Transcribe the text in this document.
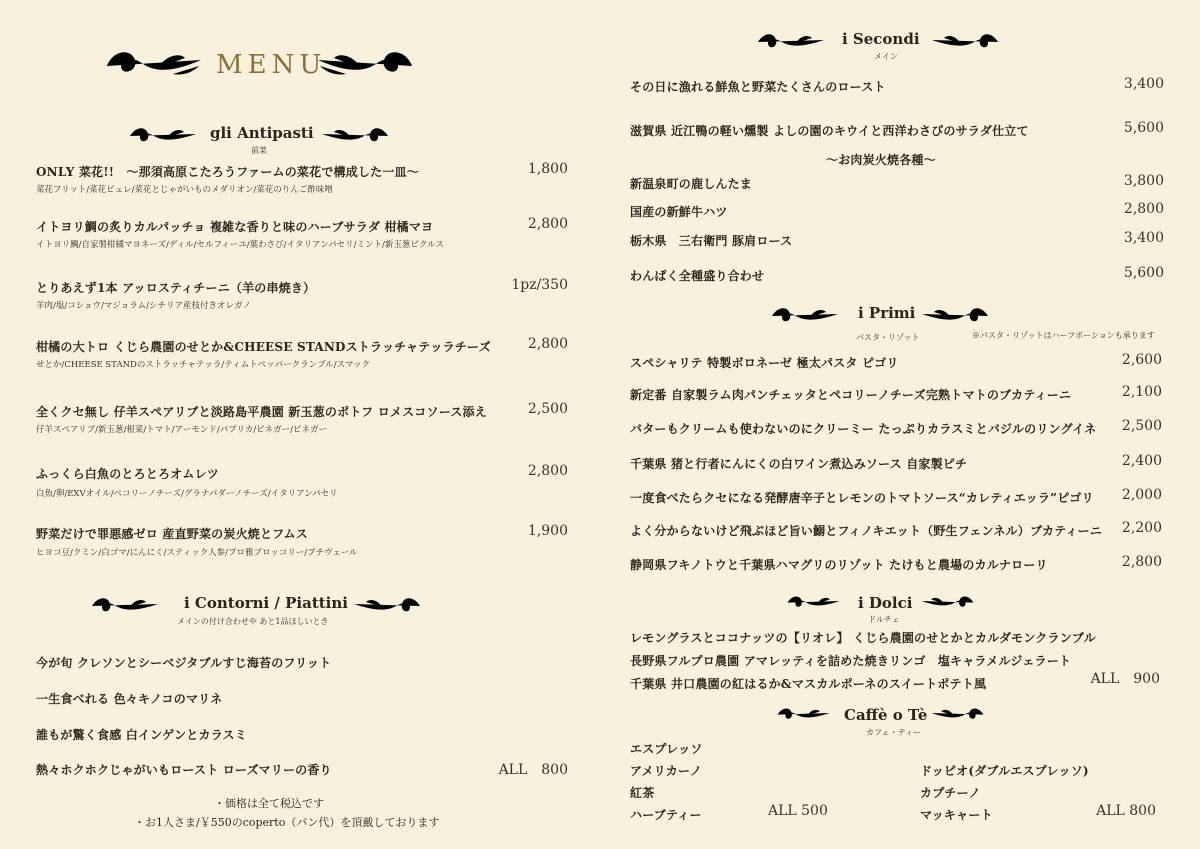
MENU
gli Antipasti
前菜
ONLY 菜花!!　〜那須高原こたろうファームの菜花で構成した一皿〜
菜花フリット/菜花ピュレ/菜花とじゃがいものメダリオン/菜花のりんご酢味噌
1,800
イトヨリ鯛の炙りカルパッチョ 複雑な香りと味のハーブサラダ 柑橘マヨ
イトヨリ鯛/自家製柑橘マヨネーズ/ディル/セルフィーユ/葉わさび/イタリアンパセリ/ミント/新玉葱ピクルス
2,800
とりあえず1本 アッロスティチーニ（羊の串焼き）
羊肉/塩/コショウ/マジョラム/シチリア産枝付きオレガノ
1pz/350
柑橘の大トロ くじら農園のせとか&CHEESE STANDストラッチャテッラチーズ
せとか/CHEESE STANDのストラッチャテッラ/ティムトペッパークランブル/スマック
2,800
全くクセ無し 仔羊スペアリブと淡路島平農園 新玉葱のポトフ ロメスコソース添え
仔羊スペアリブ/新玉葱/根菜/トマト/アーモンド/パプリカ/ビネガー/ビネガー
2,500
ふっくら白魚のとろとろオムレツ
白魚/卵/EXVオイル/ペコリーノチーズ/グラナパダーノチーズ/イタリアンパセリ
2,800
野菜だけで罪悪感ゼロ 産直野菜の炭火焼とフムス
ヒヨコ豆/クミン/白ゴマ/にんにく/スティック人参/プロ雅ブロッコリー/プチヴェール
1,900
i Contorni / Piattini
メインの付け合わせや あと1品ほしいとき
今が旬 クレソンとシーベジタブルすじ海苔のフリット
一生食べれる 色々キノコのマリネ
誰もが驚く食感 白インゲンとカラスミ
熱々ホクホクじゃがいもロースト ローズマリーの香り	ALL　800
・価格は全て税込です
・お1人さま/￥550のcoperto（パン代）を頂戴しております
i Secondi
メイン
その日に漁れる鮮魚と野菜たくさんのロースト	3,400
滋賀県 近江鴨の軽い燻製 よしの園のキウイと西洋わさびのサラダ仕立て	5,600
〜お肉炭火焼各種〜
新温泉町の鹿しんたま	3,800
国産の新鮮牛ハツ	2,800
栃木県　三右衛門 豚肩ロース	3,400
わんぱく全種盛り合わせ	5,600
i Primi
パスタ・リゾット	※パスタ・リゾットはハーフポーションも承ります
スペシャリテ 特製ボロネーゼ 極太パスタ ピゴリ	2,600
新定番 自家製ラム肉パンチェッタとペコリーノチーズ完熟トマトのブカティーニ	2,100
バターもクリームも使わないのにクリーミー たっぷりカラスミとバジルのリングイネ 2,500
千葉県 猪と行者にんにくの白ワイン煮込みソース 自家製ピチ	2,400
一度食べたらクセになる発酵唐辛子とレモンのトマトソース“カレティエッラ”ピゴリ 2,000
よく分からないけど飛ぶほど旨い鰯とフィノキエット（野生フェンネル）ブカティーニ 2,200
静岡県フキノトウと千葉県ハマグリのリゾット たけもと農場のカルナローリ	2,800
i Dolci
ドルチェ
レモングラスとココナッツの【リオレ】 くじら農園のせとかとカルダモンクランブル
長野県フルプロ農園 アマレッティを詰めた焼きリンゴ　塩キャラメルジェラート
千葉県 井口農園の紅はるか&マスカルポーネのスイートポテト風	ALL　900
Caffè o Tè
カフェ・ティー
エスプレッソ
アメリカーノ
紅茶
ハーブティー	ALL 500
ドッピオ(ダブルエスプレッソ)
カプチーノ
マッキャート	ALL 800
